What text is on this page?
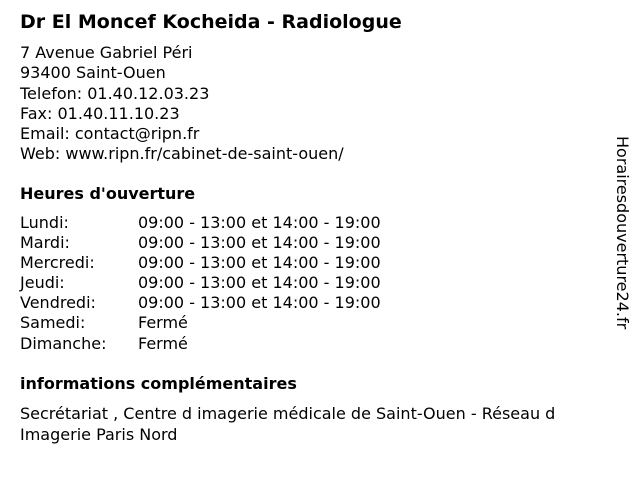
Dr El Moncef Kocheida - Radiologue
7 Avenue Gabriel Péri
93400 Saint-Ouen
Telefon: 01.40.12.03.23
Fax: 01.40.11.10.23
Email: contact@ripn.fr
Web: www.ripn.fr/cabinet-de-saint-ouen/
Heures d'ouverture
Lundi:	09:00 - 13:00 et 14:00 - 19:00
Mardi:	09:00 - 13:00 et 14:00 - 19:00
Mercredi:	09:00 - 13:00 et 14:00 - 19:00
Jeudi:	09:00 - 13:00 et 14:00 - 19:00
Vendredi:	09:00 - 13:00 et 14:00 - 19:00
Samedi:	Fermé
Dimanche: Fermé
informations complémentaires
Secrétariat , Centre d imagerie médicale de Saint-Ouen - Réseau d Imagerie Paris Nord
Horairesdouverture24.fr
